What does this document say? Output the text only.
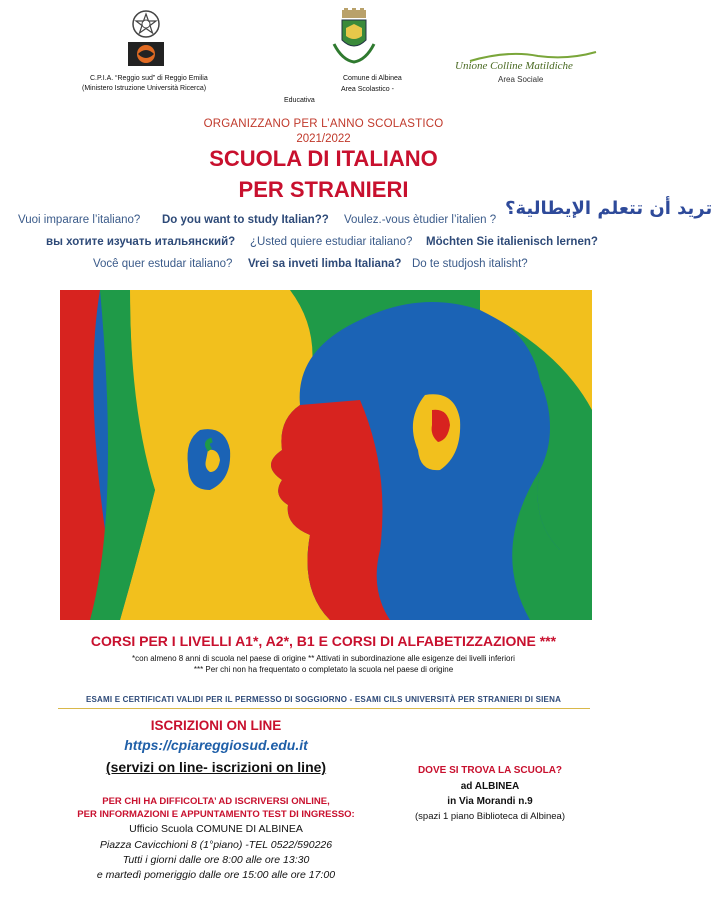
C.P.I.A. “Reggio sud” di Reggio Emilia
(Ministero Istruzione Università Ricerca)
Comune di Albinea
Area Scolastico -
Educativa
Unione Colline Matildiche
Area Sociale
ORGANIZZANO PER L’ANNO SCOLASTICO
2021/2022
SCUOLA DI ITALIANO
PER STRANIERI
Vuoi imparare l’italiano? Do you want to study Italian?? Voulez.-vous ètudier l’italien ?
تريد أن تتعلم الإيطالية؟
вы хотите изучать итальянский? ¿Usted quiere estudiar italiano? Möchten Sie italienisch lernen?
Você quer estudar italiano? Vrei sa inveti limba Italiana? Do te studjosh italisht?
CORSI PER I LIVELLI A1*, A2*, B1 E CORSI DI ALFABETIZZAZIONE ***
*con almeno 8 anni di scuola nel paese di origine ** Attivati in subordinazione alle esigenze dei livelli inferiori
*** Per chi non ha frequentato o completato la scuola nel paese di origine
ESAMI E CERTIFICATI VALIDI PER IL PERMESSO DI SOGGIORNO - ESAMI CILS UNIVERSITÀ PER STRANIERI DI SIENA
ISCRIZIONI ON LINE
https://cpiareggiosud.edu.it
(servizi on line- iscrizioni on line)
PER CHI HA DIFFICOLTA’ AD ISCRIVERSI ONLINE,
PER INFORMAZIONI E APPUNTAMENTO TEST DI INGRESSO:
Ufficio Scuola COMUNE DI ALBINEA
Piazza Cavicchioni 8 (1°piano) -TEL 0522/590226
Tutti i giorni dalle ore 8:00 alle ore 13:30
e martedì pomeriggio dalle ore 15:00 alle ore 17:00
DOVE SI TROVA LA SCUOLA?
ad ALBINEA
in Via Morandi n.9
(spazi 1 piano Biblioteca di Albinea)
